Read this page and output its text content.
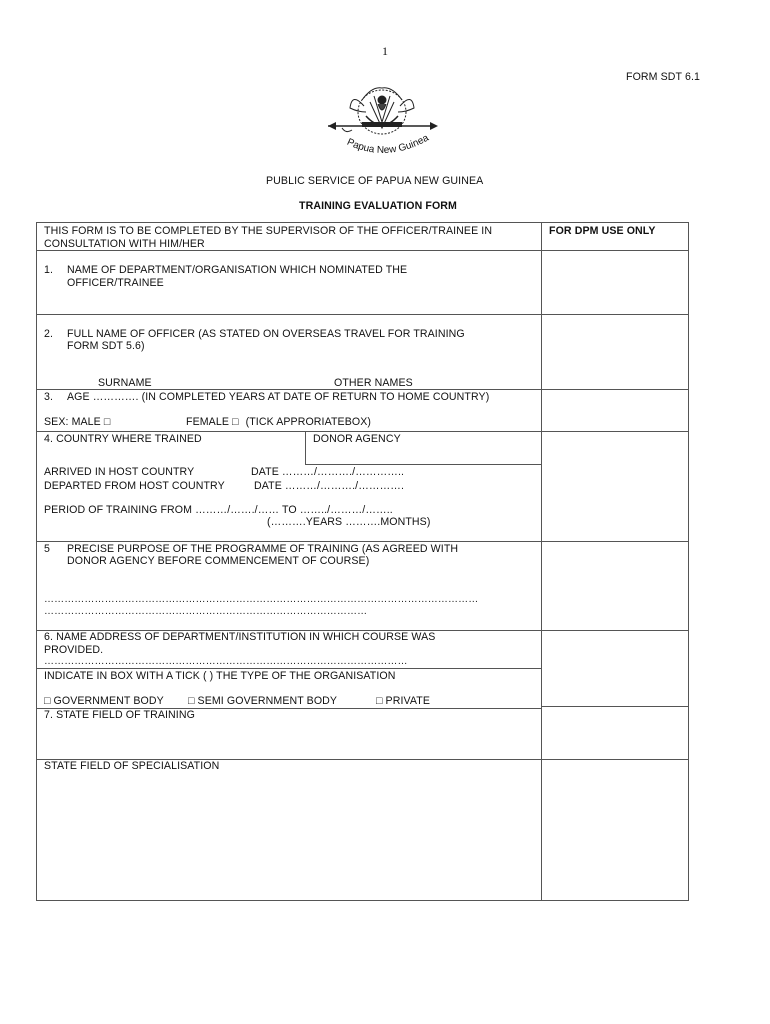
1
FORM SDT 6.1
Papua New Guinea
PUBLIC SERVICE OF PAPUA NEW GUINEA
TRAINING EVALUATION FORM
THIS FORM IS TO BE COMPLETED BY THE SUPERVISOR OF THE OFFICER/TRAINEE IN
CONSULTATION WITH HIM/HER
FOR DPM USE ONLY
1. NAME OF DEPARTMENT/ORGANISATION WHICH NOMINATED THE
OFFICER/TRAINEE
2. FULL NAME OF OFFICER (AS STATED ON OVERSEAS TRAVEL FOR TRAINING
FORM SDT 5.6)
SURNAME	OTHER NAMES
3. AGE …………. (IN COMPLETED YEARS AT DATE OF RETURN TO HOME COUNTRY)
SEX: MALE □	FEMALE □ (TICK APPRORIATEBOX)
4. COUNTRY WHERE TRAINED	DONOR AGENCY
ARRIVED IN HOST COUNTRY	DATE ………/………./…………..
DEPARTED FROM HOST COUNTRY	DATE ………/………./………….
PERIOD OF TRAINING FROM ………/……./…… TO ……../………/……..
(……….YEARS ……….MONTHS)
5 PRECISE PURPOSE OF THE PROGRAMME OF TRAINING (AS AGREED WITH
DONOR AGENCY BEFORE COMMENCEMENT OF COURSE)
…………………………………………………………………………………………………………………
……………………………………………………………………………………
6. NAME ADDRESS OF DEPARTMENT/INSTITUTION IN WHICH COURSE WAS
PROVIDED.
………………………………………………………………………………………………
INDICATE IN BOX WITH A TICK ( ) THE TYPE OF THE ORGANISATION
□ GOVERNMENT BODY □ SEMI GOVERNMENT BODY	□ PRIVATE
7. STATE FIELD OF TRAINING
STATE FIELD OF SPECIALISATION
